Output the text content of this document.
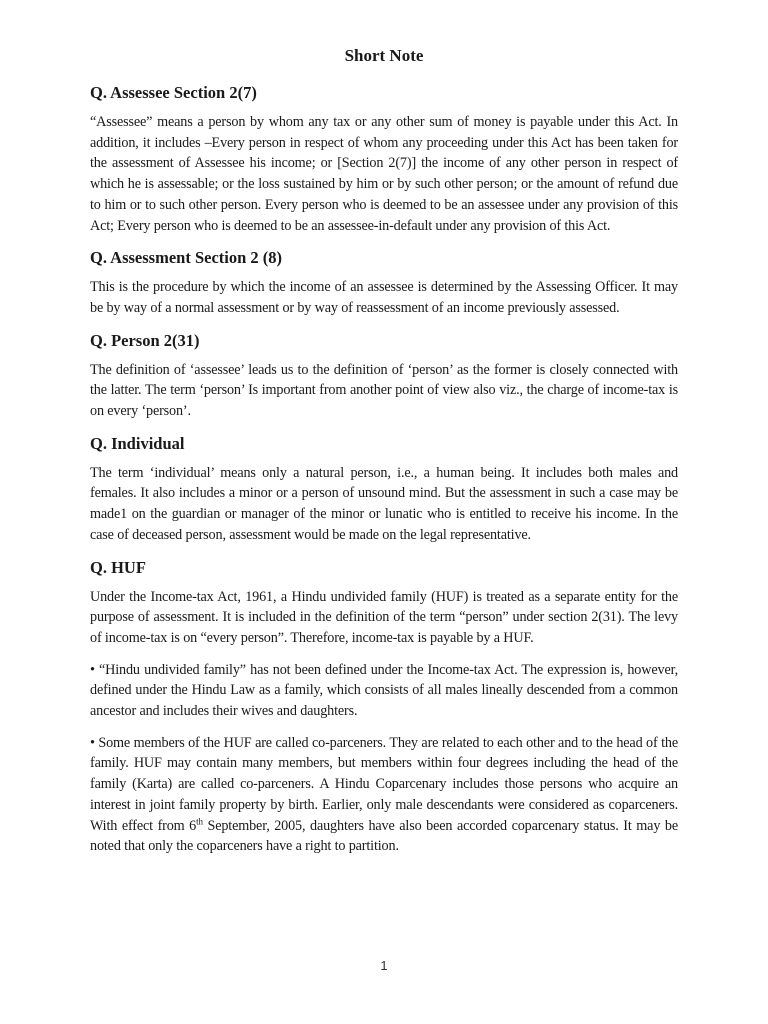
Short Note
Q. Assessee Section 2(7)

“Assessee” means a person by whom any tax or any other sum of money is payable under this Act. In addition, it includes –Every person in respect of whom any proceeding under this Act has been taken for the assessment of Assessee his income; or [Section 2(7)] the income of any other person in respect of which he is assessable; or the loss sustained by him or by such other person; or the amount of refund due to him or to such other person. Every person who is deemed to be an assessee under any provision of this Act; Every person who is deemed to be an assessee-in-default under any provision of this Act.

Q. Assessment Section 2 (8)

This is the procedure by which the income of an assessee is determined by the Assessing Officer. It may be by way of a normal assessment or by way of reassessment of an income previously assessed.

Q. Person 2(31)

The definition of ‘assessee’ leads us to the definition of ‘person’ as the former is closely connected with the latter. The term ‘person’ Is important from another point of view also viz., the charge of income-tax is on every ‘person’.

Q. Individual

The term ‘individual’ means only a natural person, i.e., a human being. It includes both males and females. It also includes a minor or a person of unsound mind. But the assessment in such a case may be made1 on the guardian or manager of the minor or lunatic who is entitled to receive his income. In the case of deceased person, assessment would be made on the legal representative.

Q. HUF

Under the Income-tax Act, 1961, a Hindu undivided family (HUF) is treated as a separate entity for the purpose of assessment. It is included in the definition of the term “person” under section 2(31). The levy of income-tax is on “every person”. Therefore, income-tax is payable by a HUF.

• “Hindu undivided family” has not been defined under the Income-tax Act. The expression is, however, defined under the Hindu Law as a family, which consists of all males lineally descended from a common ancestor and includes their wives and daughters.

• Some members of the HUF are called co-parceners. They are related to each other and to the head of the family. HUF may contain many members, but members within four degrees including the head of the family (Karta) are called co-parceners. A Hindu Coparcenary includes those persons who acquire an interest in joint family property by birth. Earlier, only male descendants were considered as coparceners. With effect from 6th September, 2005, daughters have also been accorded coparcenary status. It may be noted that only the coparceners have a right to partition.

1
